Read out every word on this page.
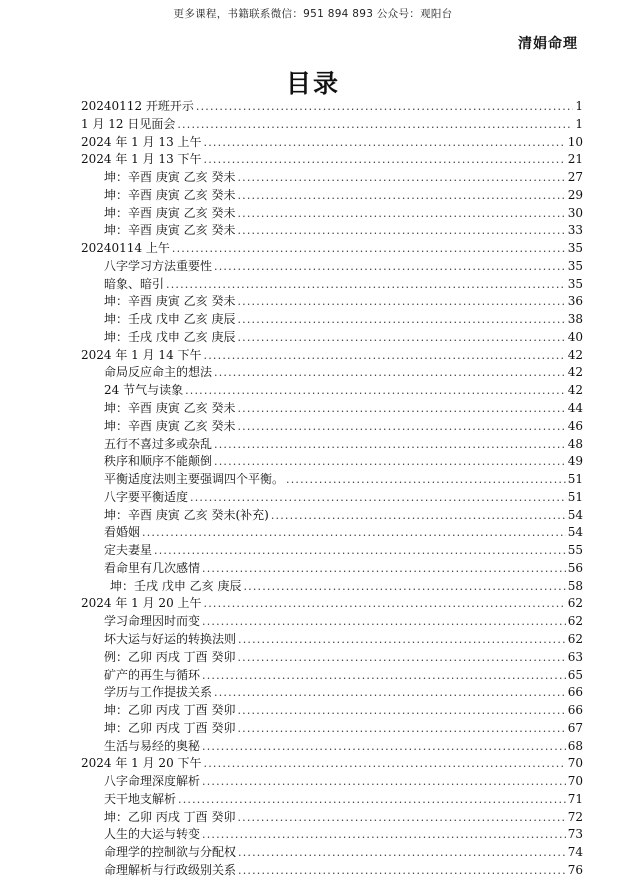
更多课程，书籍联系微信：951 894 893 公众号：观阳台
清娟命理
目录
20240112 开班开示 .....	1
1 月 12 日见面会 .....	1
2024 年 1 月 13 上午 .....	10
2024 年 1 月 13 下午 .....	21
坤：辛酉 庚寅 乙亥 癸未 .....	27
坤：辛酉 庚寅 乙亥 癸未 .....	29
坤：辛酉 庚寅 乙亥 癸未 .....	30
坤：辛酉 庚寅 乙亥 癸未 .....	33
20240114 上午 .....	35
八字学习方法重要性 .....	35
暗象、暗引 .....	35
坤：辛酉 庚寅 乙亥 癸未 .....	36
坤：壬戌 戊申 乙亥 庚辰 .....	38
坤：壬戌 戊申 乙亥 庚辰 .....	40
2024 年 1 月 14 下午 .....	42
命局反应命主的想法 .....	42
24 节气与读象 .....	42
坤：辛酉 庚寅 乙亥 癸未 .....	44
坤：辛酉 庚寅 乙亥 癸未 .....	46
五行不喜过多或杂乱 .....	48
秩序和顺序不能颠倒 .....	49
平衡适度法则主要强调四个平衡。 .....	51
八字要平衡适度 .....	51
坤：辛酉 庚寅 乙亥 癸未(补充) .....	54
看婚姻 .....	54
定夫妻星 .....	55
看命里有几次感情 .....	56
坤：壬戌 戊申 乙亥 庚辰 .....	58
2024 年 1 月 20 上午 .....	62
学习命理因时而变 .....	62
坏大运与好运的转换法则 .....	62
例：乙卯 丙戌 丁酉 癸卯 .....	63
矿产的再生与循环 .....	65
学历与工作提拔关系 .....	66
坤：乙卯 丙戌 丁酉 癸卯 .....	66
坤：乙卯 丙戌 丁酉 癸卯 .....	67
生活与易经的奥秘 .....	68
2024 年 1 月 20 下午 .....	70
八字命理深度解析 .....	70
天干地支解析 .....	71
坤：乙卯 丙戌 丁酉 癸卯 .....	72
人生的大运与转变 .....	73
命理学的控制欲与分配权 .....	74
命理解析与行政级别关系 .....	76
